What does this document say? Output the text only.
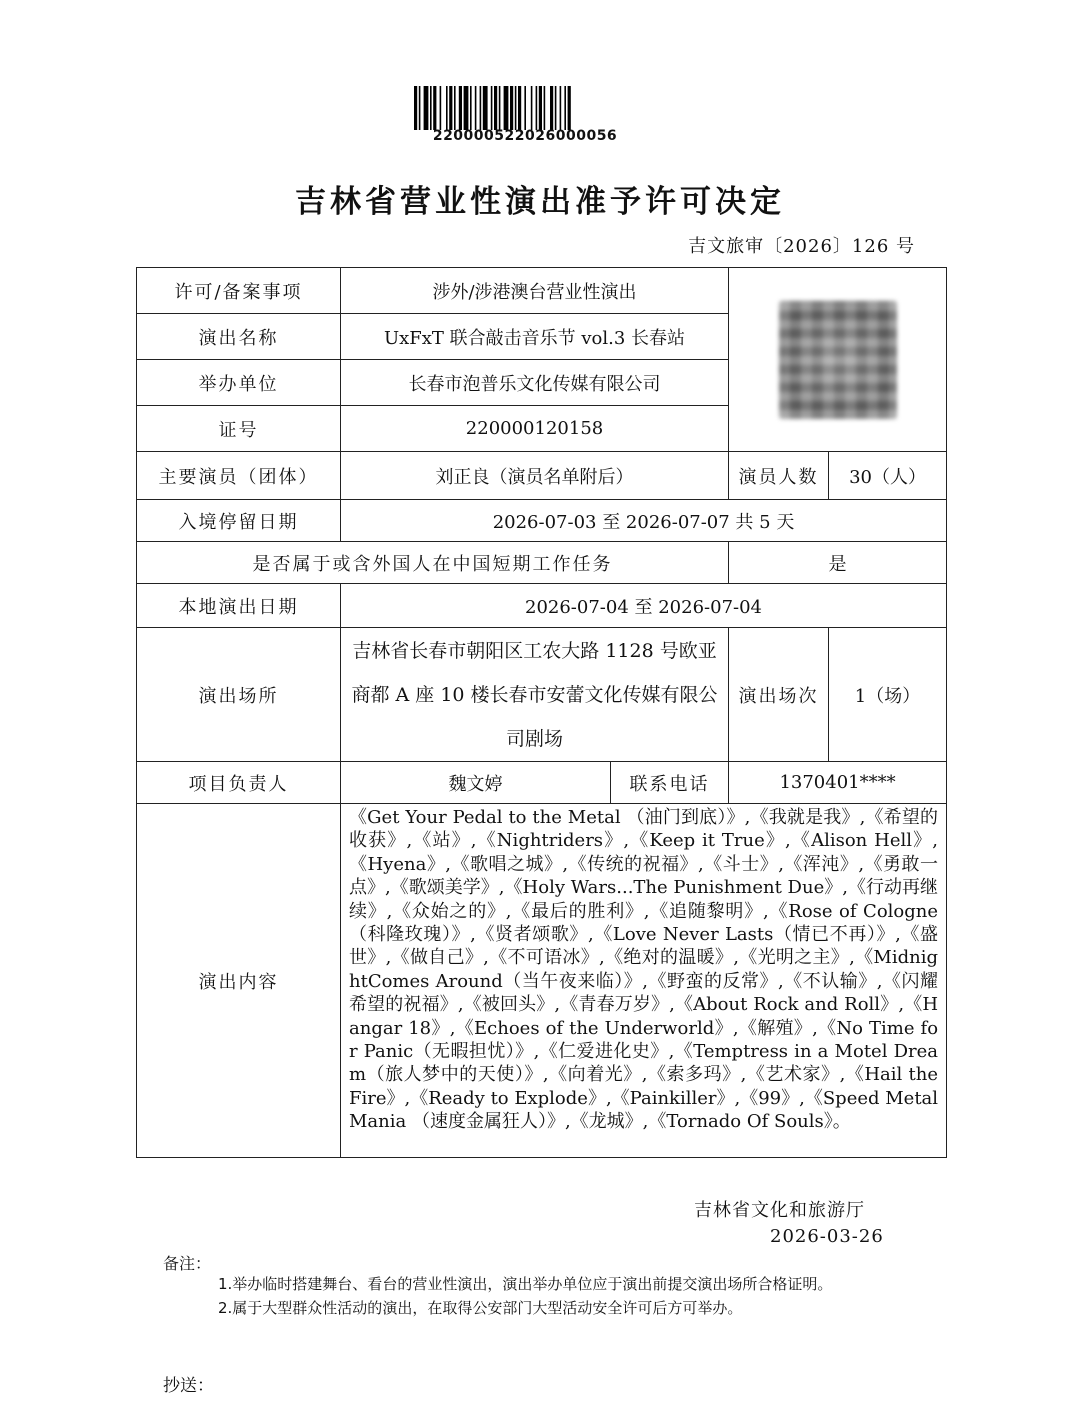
220000522026000056
吉林省营业性演出准予许可决定
吉文旅审〔2026〕126 号
许可/备案事项	涉外/涉港澳台营业性演出			

演出名称	UxFxT 联合敲击音乐节 vol.3 长春站			
举办单位	长春市泡普乐文化传媒有限公司			
证号	220000120158			
主要演员（团体）	刘正良（演员名单附后）		演员人数	30（人）
入境停留日期	2026-07-03 至 2026-07-07 共 5 天			
是否属于或含外国人在中国短期工作任务			是	
本地演出日期	2026-07-04 至 2026-07-04			
演出场所	吉林省长春市朝阳区工农大路 1128 号欧亚商都 A 座 10 楼长春市安蕾文化传媒有限公司剧场		演出场次	1（场）
项目负责人	魏文婷	联系电话	1370401****	
演出内容	《Get Your Pedal to the Metal （油门到底）》,《我就是我》,《希望的收获》,《站》,《Nightriders》,《Keep it True》,《Alison Hell》,《Hyena》,《歌唱之城》,《传统的祝福》,《斗士》,《浑沌》,《勇敢一点》,《歌颂美学》,《Holy Wars...The Punishment Due》,《行动再继续》,《众始之的》,《最后的胜利》,《追随黎明》,《Rose of Cologne（科隆玫瑰）》,《贤者颂歌》,《Love Never Lasts（情已不再）》,《盛世》,《做自己》,《不可语冰》,《绝对的温暖》,《光明之主》,《MidnightComes Around（当午夜来临）》,《野蛮的反常》,《不认输》,《闪耀希望的祝福》,《被回头》,《青春万岁》,《About Rock and Roll》,《Hangar 18》,《Echoes of the Underworld》,《解殖》,《No Time for Panic（无暇担忧）》,《仁爱进化史》,《Temptress in a Motel Dream（旅人梦中的天使）》,《向着光》,《索多玛》,《艺术家》,《Hail the Fire》,《Ready to Explode》,《Painkiller》,《99》,《Speed Metal Mania （速度金属狂人）》,《龙城》,《Tornado Of Souls》。			
吉林省文化和旅游厅
2026-03-26
备注：
1.举办临时搭建舞台、看台的营业性演出，演出举办单位应于演出前提交演出场所合格证明。
2.属于大型群众性活动的演出，在取得公安部门大型活动安全许可后方可举办。
抄送：
